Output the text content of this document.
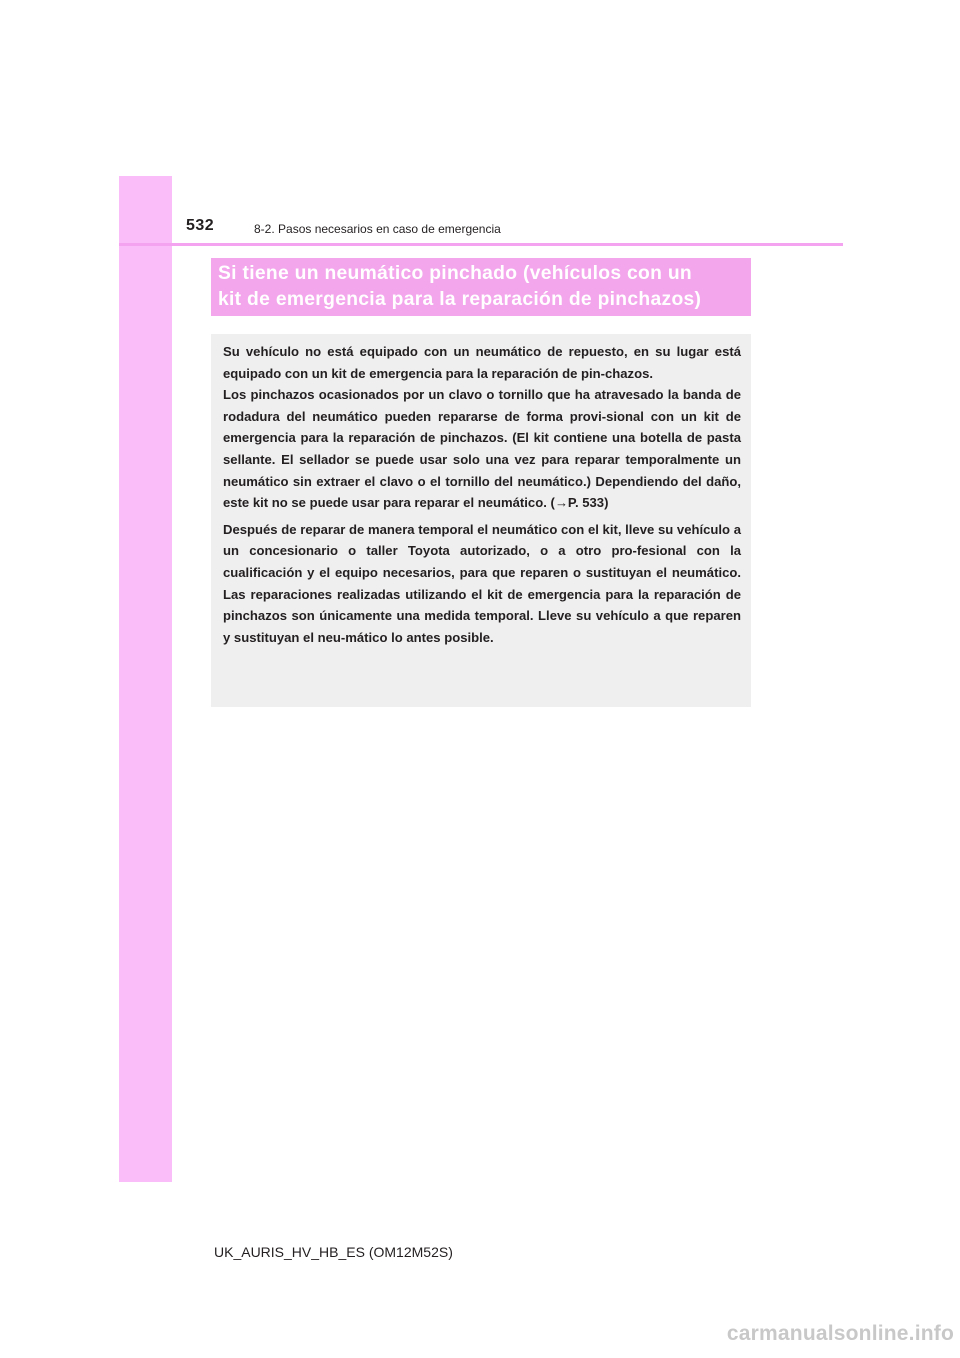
532	8-2. Pasos necesarios en caso de emergencia
Si tiene un neumático pinchado (vehículos con un
kit de emergencia para la reparación de pinchazos)

Su vehículo no está equipado con un neumático de repuesto, en su lugar está equipado con un kit de emergencia para la reparación de pin-chazos.

Los pinchazos ocasionados por un clavo o tornillo que ha atravesado la banda de rodadura del neumático pueden repararse de forma provi-sional con un kit de emergencia para la reparación de pinchazos. (El kit contiene una botella de pasta sellante. El sellador se puede usar solo una vez para reparar temporalmente un neumático sin extraer el clavo o el tornillo del neumático.) Dependiendo del daño, este kit no se puede usar para reparar el neumático. (→P. 533)

Después de reparar de manera temporal el neumático con el kit, lleve su vehículo a un concesionario o taller Toyota autorizado, o a otro pro-fesional con la cualificación y el equipo necesarios, para que reparen o sustituyan el neumático. Las reparaciones realizadas utilizando el kit de emergencia para la reparación de pinchazos son únicamente una medida temporal. Lleve su vehículo a que reparen y sustituyan el neu-mático lo antes posible.

UK_AURIS_HV_HB_ES (OM12M52S)
carmanualsonline.info
